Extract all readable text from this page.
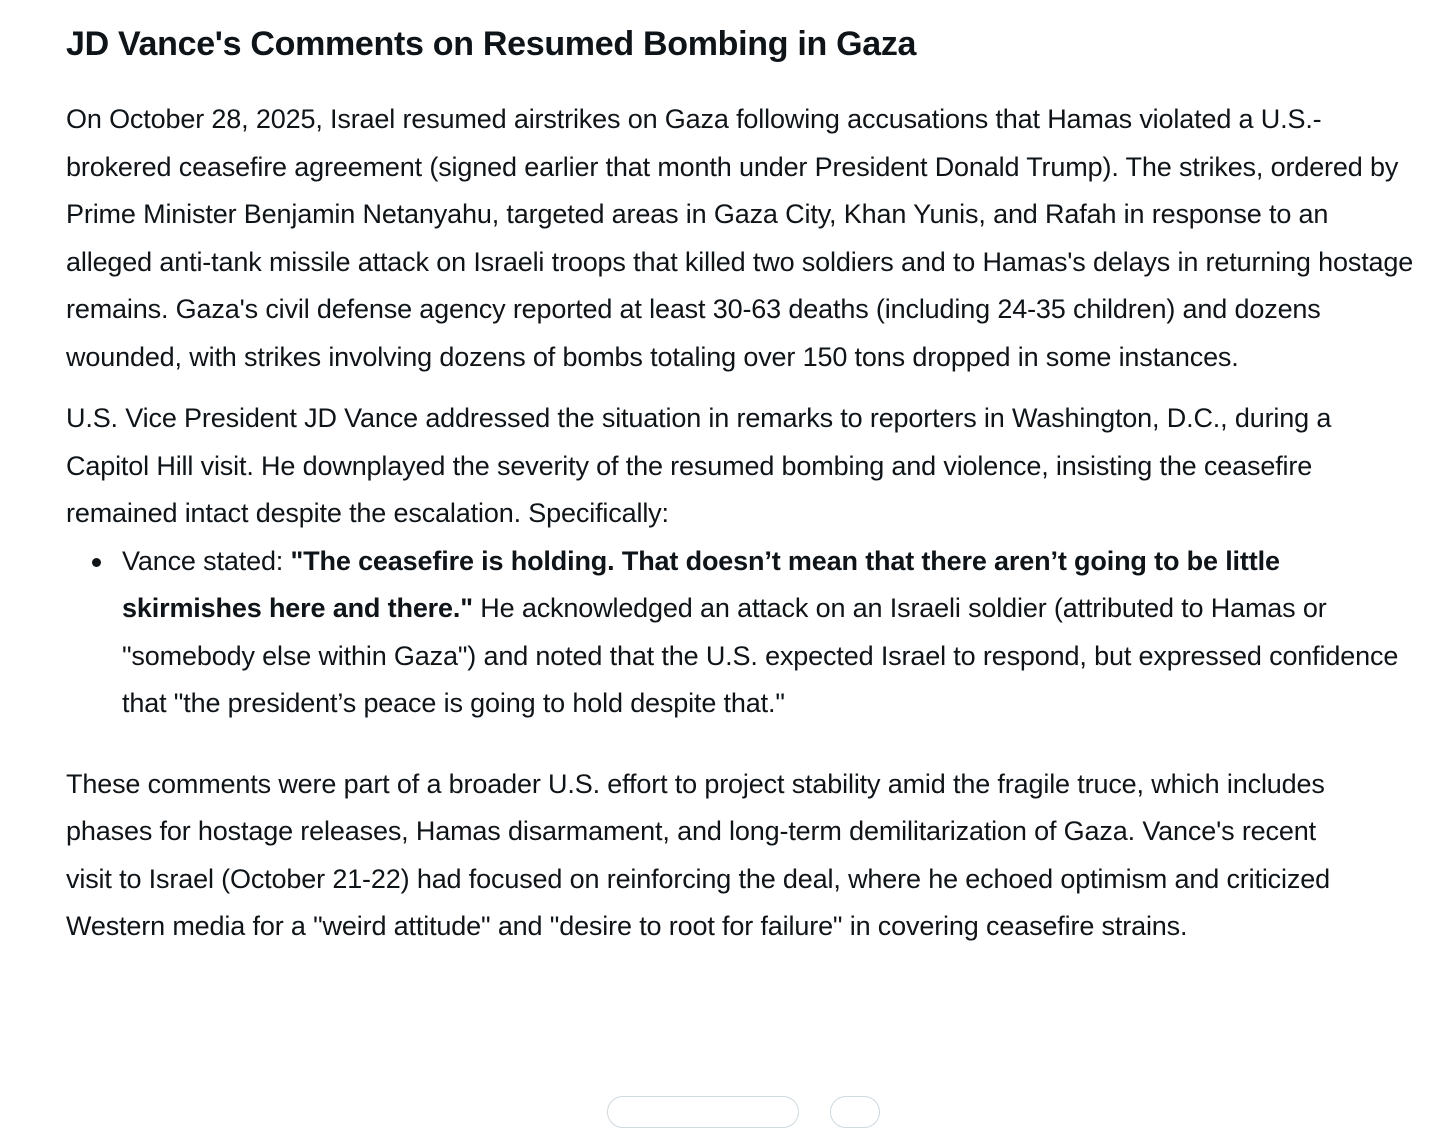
JD Vance's Comments on Resumed Bombing in Gaza

On October 28, 2025, Israel resumed airstrikes on Gaza following accusations that Hamas violated a U.S.-brokered ceasefire agreement (signed earlier that month under President Donald Trump). The strikes, ordered by Prime Minister Benjamin Netanyahu, targeted areas in Gaza City, Khan Yunis, and Rafah in response to an alleged anti-tank missile attack on Israeli troops that killed two soldiers and to Hamas's delays in returning hostage remains. Gaza's civil defense agency reported at least 30-63 deaths (including 24-35 children) and dozens wounded, with strikes involving dozens of bombs totaling over 150 tons dropped in some instances.

U.S. Vice President JD Vance addressed the situation in remarks to reporters in Washington, D.C., during a Capitol Hill visit. He downplayed the severity of the resumed bombing and violence, insisting the ceasefire remained intact despite the escalation. Specifically:

Vance stated: "The ceasefire is holding. That doesn’t mean that there aren’t going to be little skirmishes here and there." He acknowledged an attack on an Israeli soldier (attributed to Hamas or "somebody else within Gaza") and noted that the U.S. expected Israel to respond, but expressed confidence that "the president’s peace is going to hold despite that."

These comments were part of a broader U.S. effort to project stability amid the fragile truce, which includes phases for hostage releases, Hamas disarmament, and long-term demilitarization of Gaza. Vance's recent visit to Israel (October 21-22) had focused on reinforcing the deal, where he echoed optimism and criticized Western media for a "weird attitude" and "desire to root for failure" in covering ceasefire strains.
